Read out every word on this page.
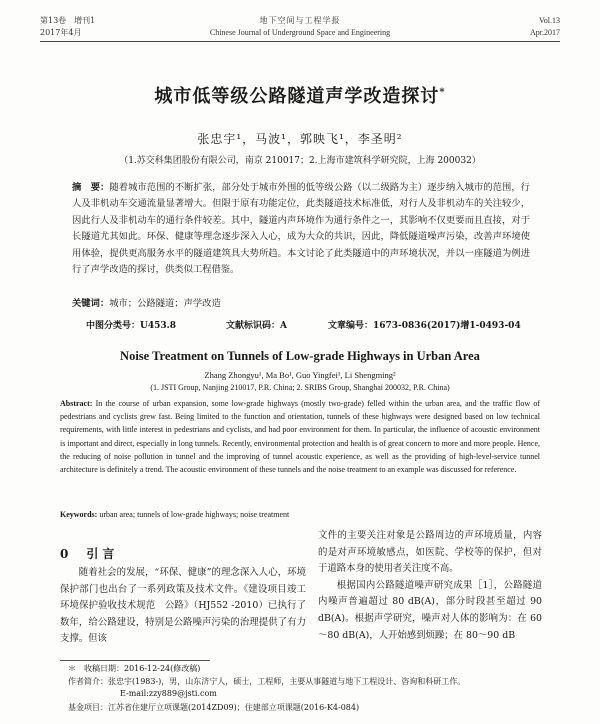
第13卷　增刊1
2017年4月
地下空间与工程学报
Chinese Journal of Underground Space and Engineering
Vol.13
Apr.2017
城市低等级公路隧道声学改造探讨*
张忠宇¹，马波¹，郭映飞¹，李圣明²
（1.苏交科集团股份有限公司，南京 210017；2.上海市建筑科学研究院，上海 200032）
摘　要：随着城市范围的不断扩张，部分处于城市外围的低等级公路（以二级路为主）逐步纳入城市的范围，行人及非机动车交通流量显著增大。但限于原有功能定位，此类隧道技术标准低，对行人及非机动车的关注较少，因此行人及非机动车的通行条件较差。其中，隧道内声环境作为通行条件之一，其影响不仅更要而且直接，对于长隧道尤其如此。环保、健康等理念逐步深入人心，成为大众的共识，因此，降低隧道噪声污染，改善声环境使用体验，提供更高服务水平的隧道建筑具大势所趋。本文讨论了此类隧道中的声环境状况，并以一座隧道为例进行了声学改造的探讨，供类似工程借鉴。
关键词：城市；公路隧道；声学改造
中图分类号：U453.8	文献标识码：A	文章编号：1673-0836(2017)增1-0493-04
Noise Treatment on Tunnels of Low-grade Highways in Urban Area
Zhang Zhongyu¹, Ma Bo¹, Guo Yingfei¹, Li Shengming²
(1. JSTI Group, Nanjing 210017, P.R. China; 2. SRIBS Group, Shanghai 200032, P.R. China)
Abstract: In the course of urban expansion, some low-grade highways (mostly two-grade) felled within the urban area, and the traffic flow of pedestrians and cyclists grew fast. Being limited to the function and orientation, tunnels of these highways were designed based on low technical requirements, with little interest in pedestrians and cyclists, and had poor environment for them. In particular, the influence of acoustic environment is important and direct, especially in long tunnels. Recently, environmental protection and health is of great concern to more and more people. Hence, the reducing of noise pollution in tunnel and the improving of tunnel acoustic experience, as well as the providing of high-level-service tunnel architecture is definitely a trend. The acoustic environment of these tunnels and the noise treatment to an example was discussed for reference.
Keywords: urban area; tunnels of low-grade highways; noise treatment
0 引言
随着社会的发展，“环保、健康”的理念深入人心，环境保护部门也出台了一系列政策及技术文件。《建设项目竣工环境保护验收技术规范　公路》（HJ552 -2010）已执行了数年，给公路建设，特别是公路噪声污染的治理提供了有力支撑。但该
文件的主要关注对象是公路周边的声环境质量，内容的是对声环境敏感点，如医院、学校等的保护，但对于道路本身的使用者关注度不高。
根据国内公路隧道噪声研究成果［1］，公路隧道内噪声普遍超过 80 dB(A)，部分时段甚至超过 90 dB(A)。根据声学研究，噪声对人体的影响为：在 60～80 dB(A)，人开始感到烦躁；在 80～90 dB
＊　收稿日期：2016-12-24(修改稿)
作者简介：张忠宇(1983-)，男，山东济宁人，硕士，工程师，主要从事隧道与地下工程设计、咨询和科研工作。
E-mail:zzy889@jsti.com
基金项目：江苏省住建厅立项课题(2014ZD09)；住建部立项课题(2016-K4-084)
